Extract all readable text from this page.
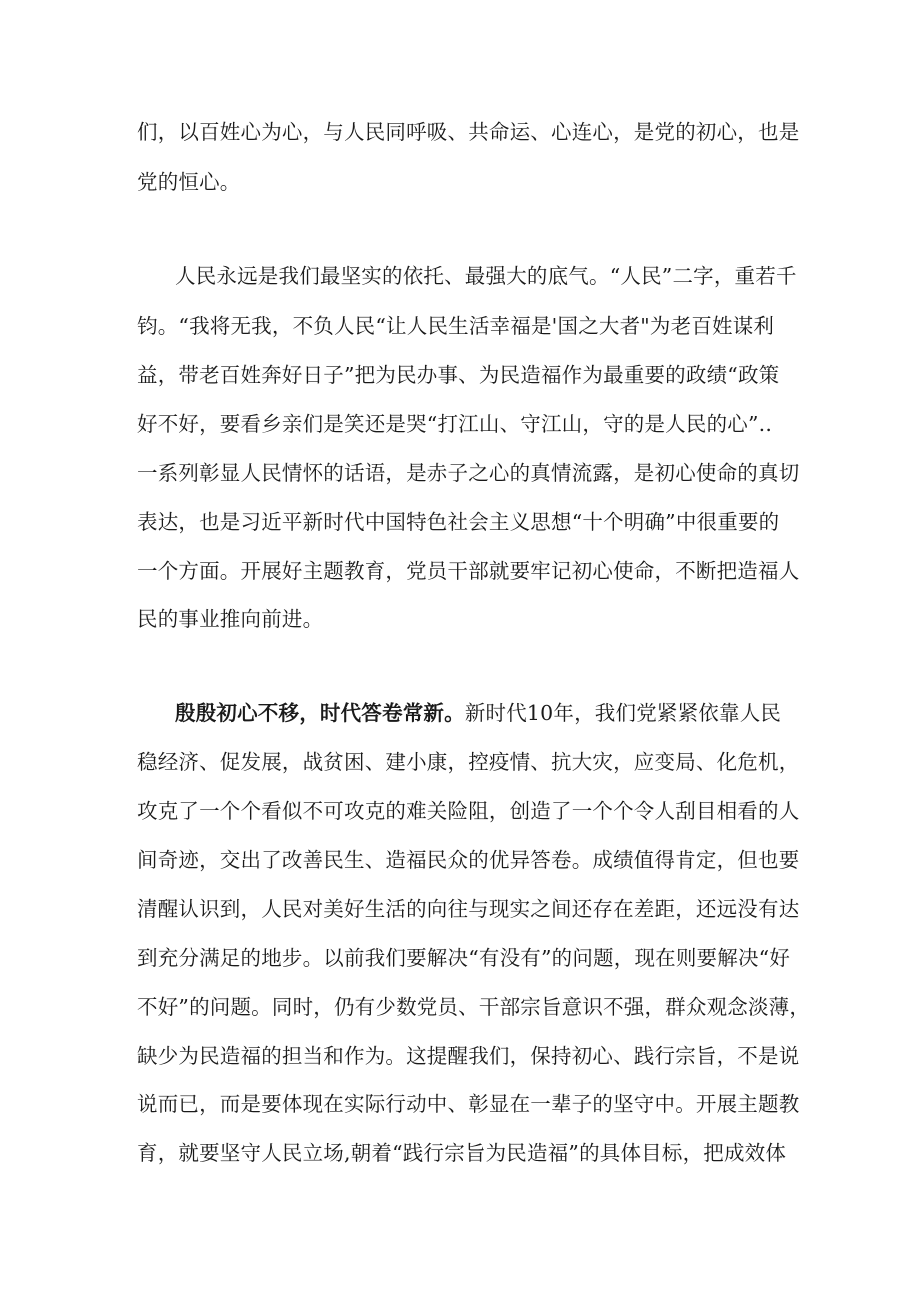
们，以百姓心为心，与人民同呼吸、共命运、心连心，是党的初心，也是
党的恒心。
人民永远是我们最坚实的依托、最强大的底气。“人民”二字，重若千
钧。“我将无我，不负人民“让人民生活幸福是'国之大者"为老百姓谋利
益，带老百姓奔好日子”把为民办事、为民造福作为最重要的政绩“政策
好不好，要看乡亲们是笑还是哭“打江山、守江山，守的是人民的心”..
一系列彰显人民情怀的话语，是赤子之心的真情流露，是初心使命的真切
表达，也是习近平新时代中国特色社会主义思想“十个明确”中很重要的
一个方面。开展好主题教育，党员干部就要牢记初心使命，不断把造福人
民的事业推向前进。
殷殷初心不移，时代答卷常新。新时代10年，我们党紧紧依靠人民
稳经济、促发展，战贫困、建小康，控疫情、抗大灾，应变局、化危机，
攻克了一个个看似不可攻克的难关险阻，创造了一个个令人刮目相看的人
间奇迹，交出了改善民生、造福民众的优异答卷。成绩值得肯定，但也要
清醒认识到，人民对美好生活的向往与现实之间还存在差距，还远没有达
到充分满足的地步。以前我们要解决“有没有”的问题，现在则要解决“好
不好”的问题。同时，仍有少数党员、干部宗旨意识不强，群众观念淡薄，
缺少为民造福的担当和作为。这提醒我们，保持初心、践行宗旨，不是说
说而已，而是要体现在实际行动中、彰显在一辈子的坚守中。开展主题教
育，就要坚守人民立场,朝着“践行宗旨为民造福”的具体目标，把成效体
